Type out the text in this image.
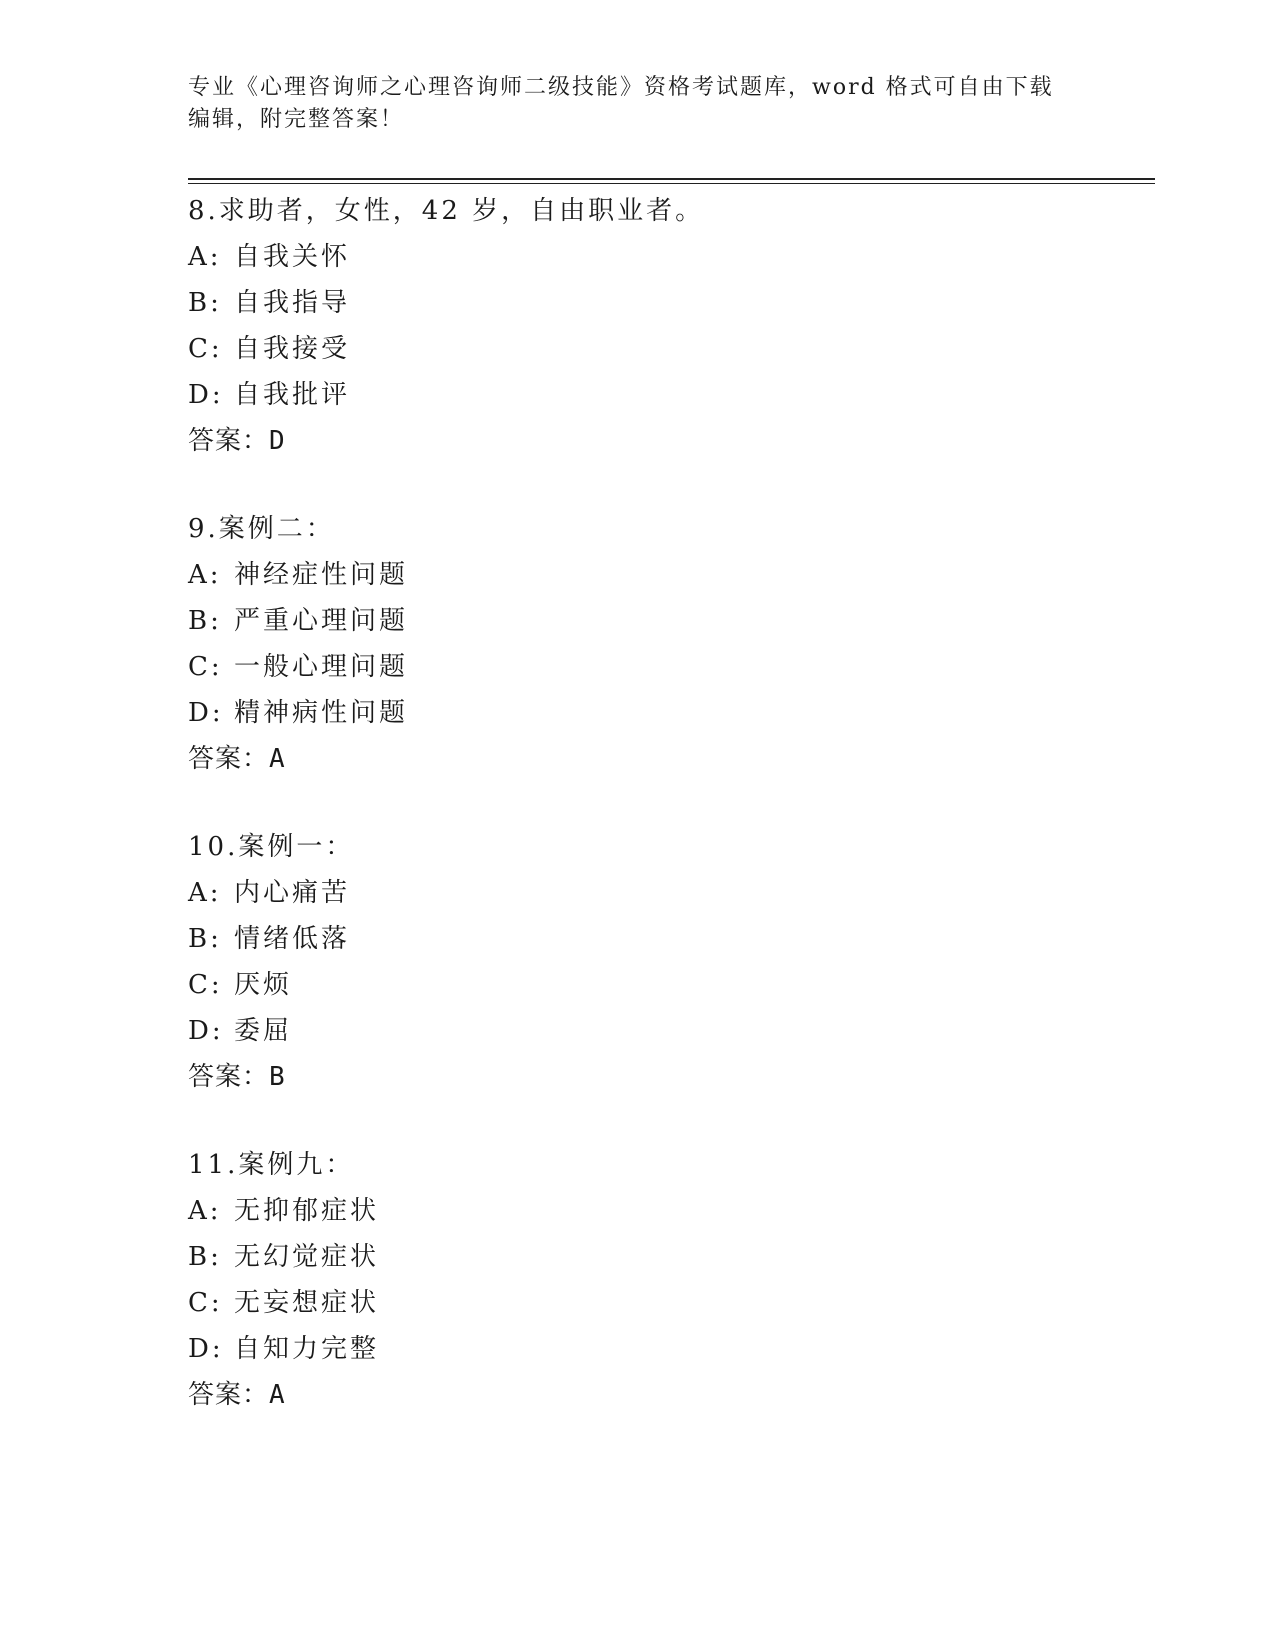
专业《心理咨询师之心理咨询师二级技能》资格考试题库，word 格式可自由下载
编辑，附完整答案！
8.求助者，女性，42 岁，自由职业者。
A: 自我关怀
B: 自我指导
C: 自我接受
D: 自我批评
答案：D
9.案例二：
A: 神经症性问题
B: 严重心理问题
C: 一般心理问题
D: 精神病性问题
答案：A
10.案例一：
A: 内心痛苦
B: 情绪低落
C: 厌烦
D: 委屈
答案：B
11.案例九：
A: 无抑郁症状
B: 无幻觉症状
C: 无妄想症状
D: 自知力完整
答案：A
